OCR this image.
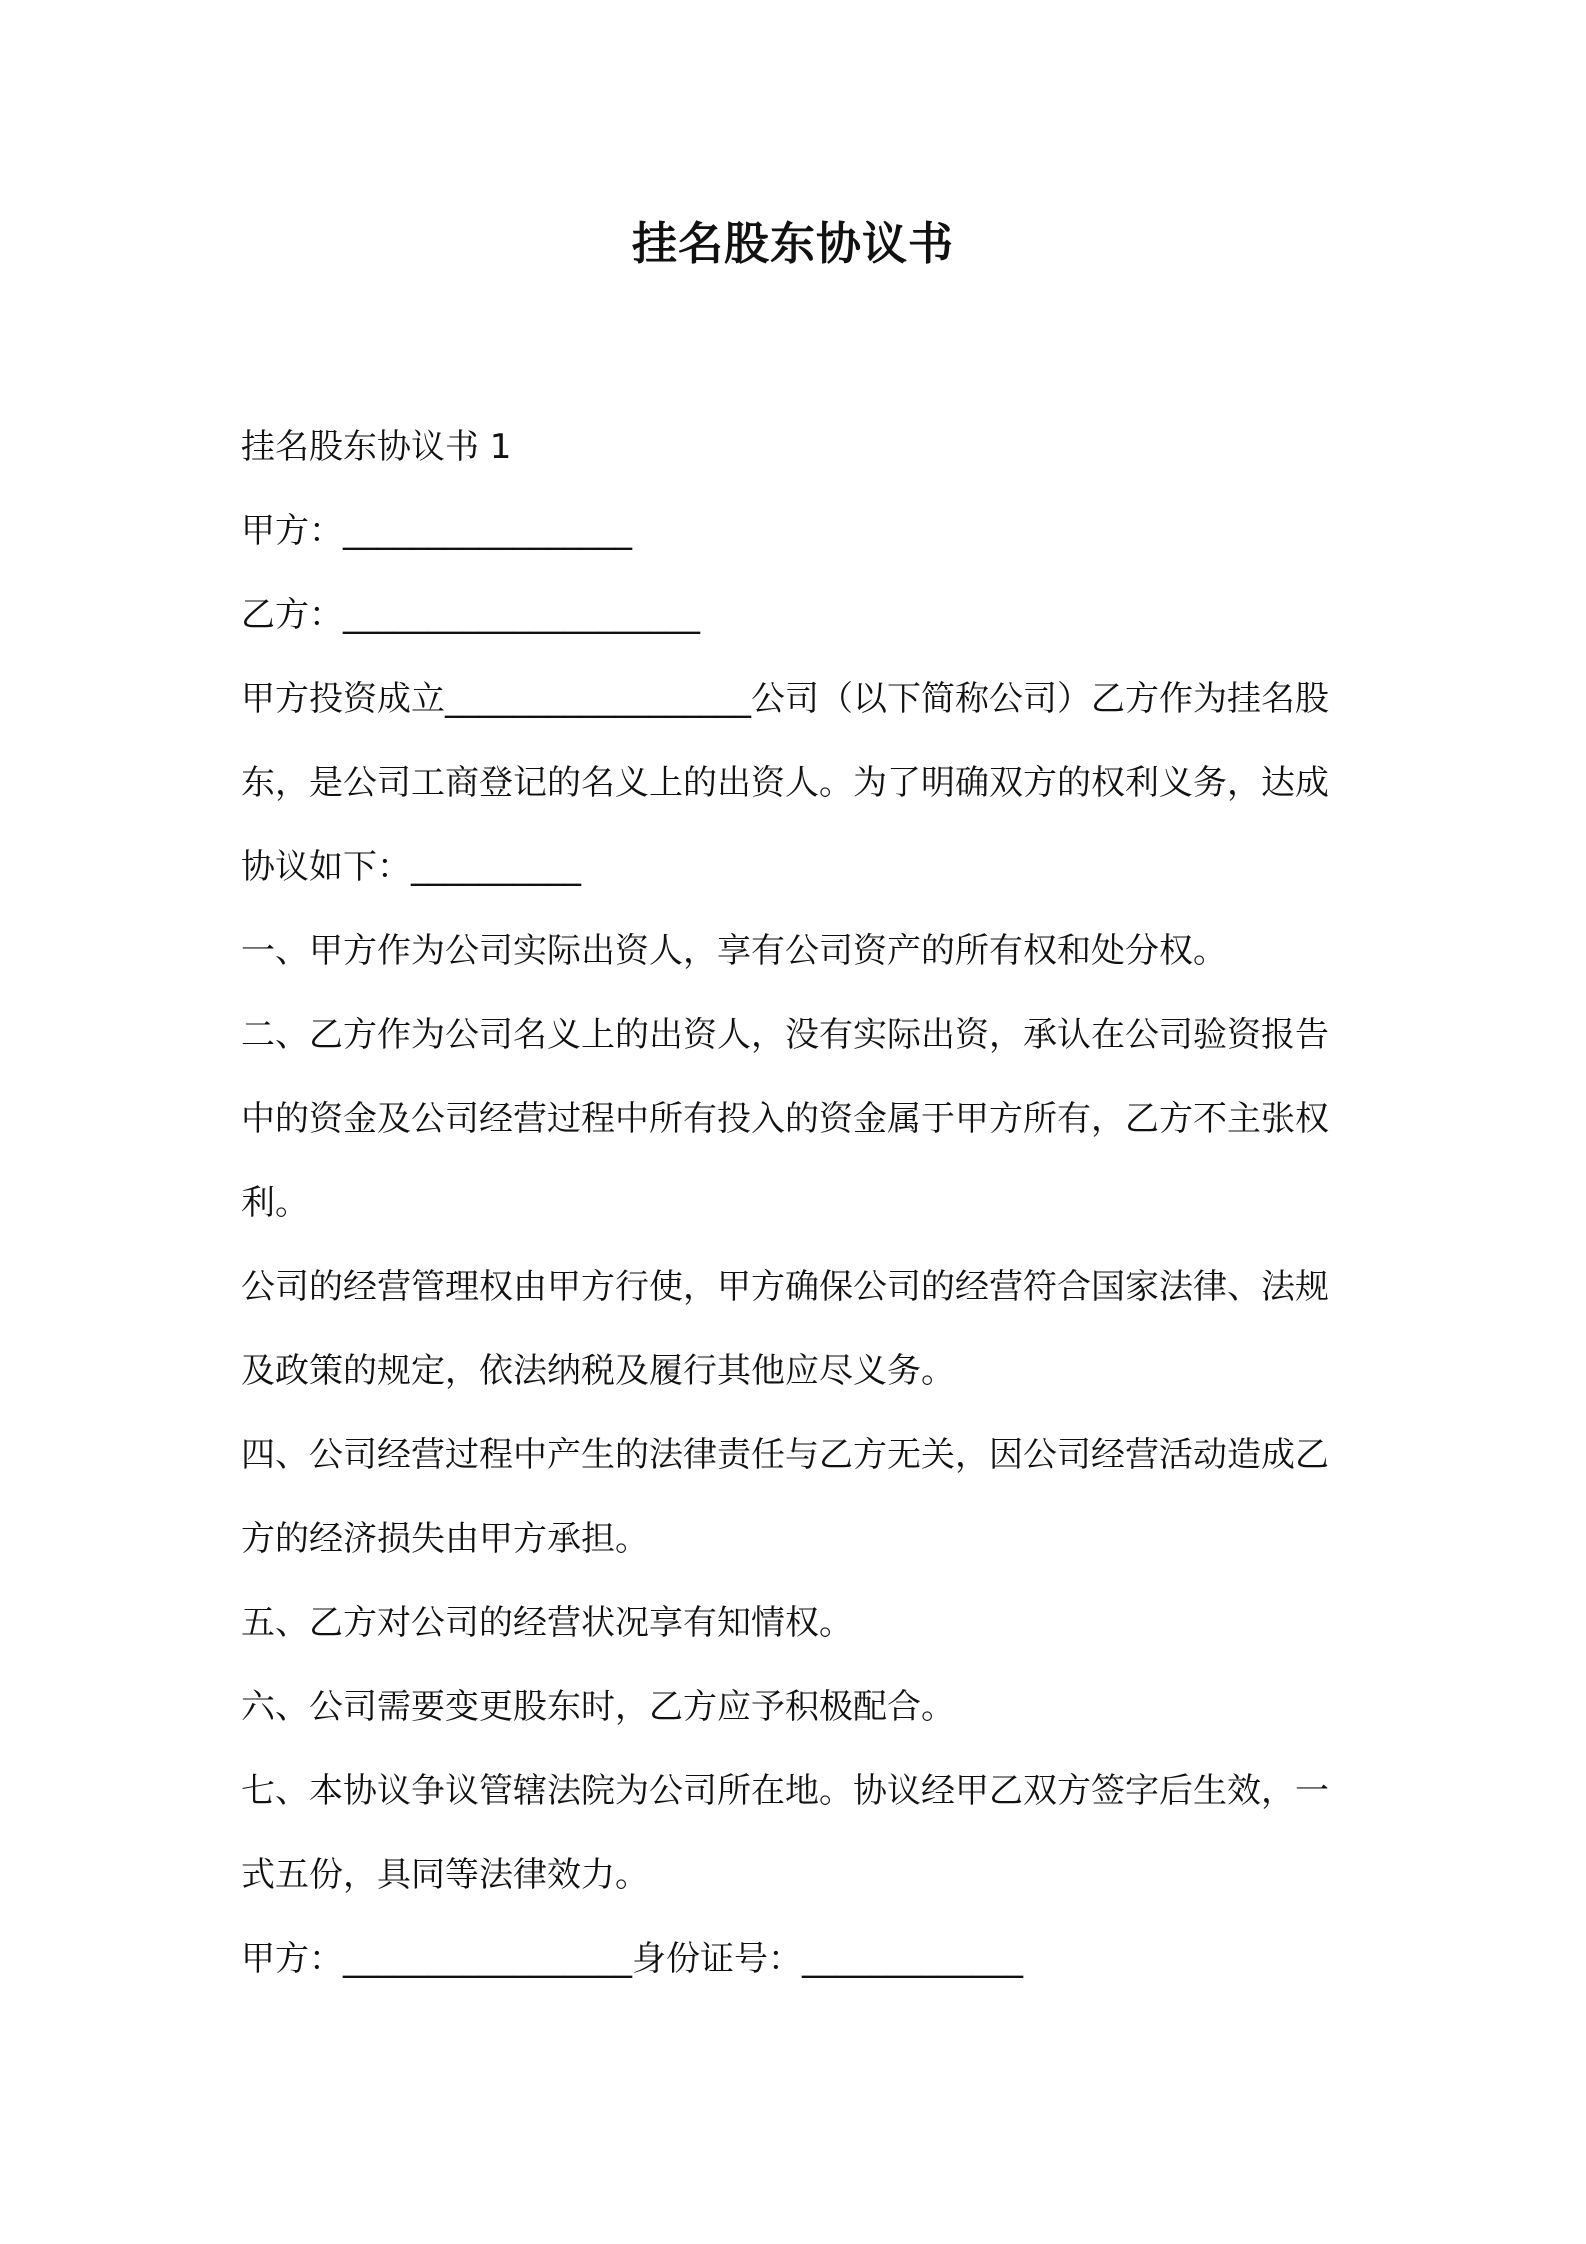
挂名股东协议书

挂名股东协议书 1

甲方：_________________

乙方：_____________________

甲方投资成立__________________公司（以下简称公司）乙方作为挂名股东，是公司工商登记的名义上的出资人。为了明确双方的权利义务，达成协议如下：__________

一、甲方作为公司实际出资人，享有公司资产的所有权和处分权。

二、乙方作为公司名义上的出资人，没有实际出资，承认在公司验资报告中的资金及公司经营过程中所有投入的资金属于甲方所有，乙方不主张权利。

公司的经营管理权由甲方行使，甲方确保公司的经营符合国家法律、法规及政策的规定，依法纳税及履行其他应尽义务。

四、公司经营过程中产生的法律责任与乙方无关，因公司经营活动造成乙方的经济损失由甲方承担。

五、乙方对公司的经营状况享有知情权。

六、公司需要变更股东时，乙方应予积极配合。

七、本协议争议管辖法院为公司所在地。协议经甲乙双方签字后生效，一式五份，具同等法律效力。

甲方：_________________身份证号：_____________
